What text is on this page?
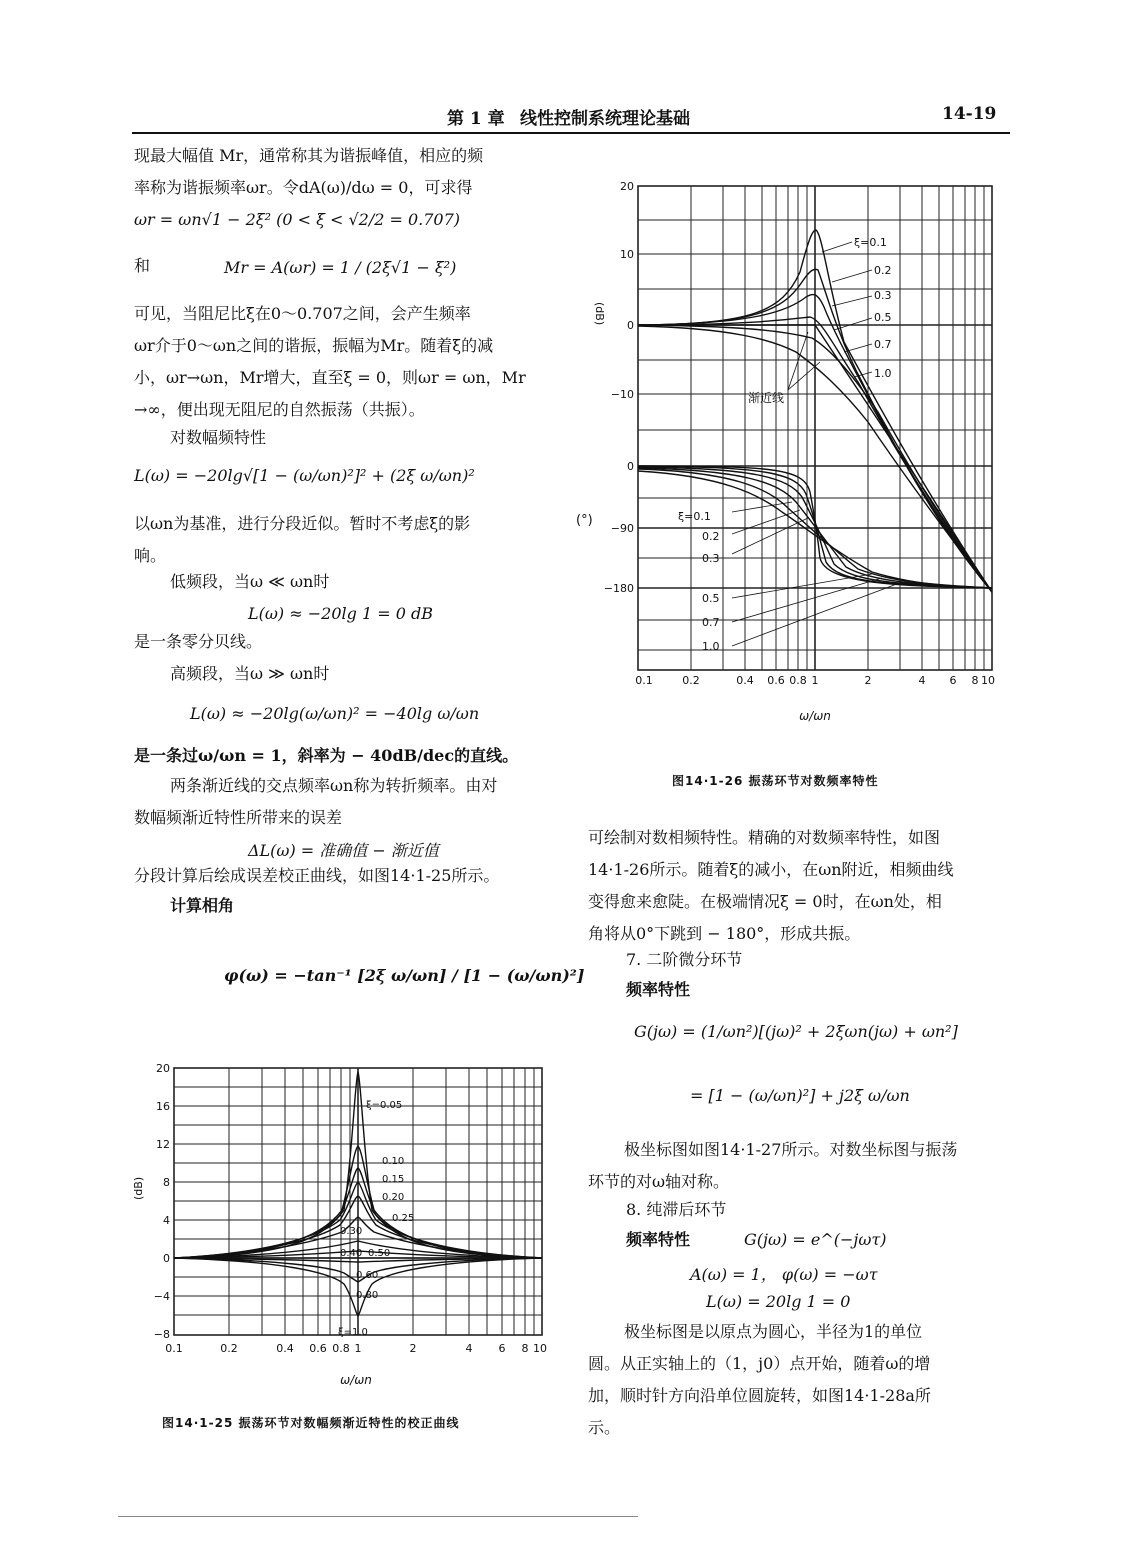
第 1 章 线性控制系统理论基础	14-19
现最大幅值 Mr，通常称其为谐振峰值，相应的频
率称为谐振频率ωr。令dA(ω)/dω = 0，可求得
ωr = ωn√1 − 2ξ² (0 < ξ < √2/2 = 0.707)
和	Mr = A(ωr) = 1 / (2ξ√1 − ξ²)
可见，当阻尼比ξ在0～0.707之间，会产生频率
ωr介于0～ωn之间的谐振，振幅为Mr。随着ξ的减
小，ωr→ωn，Mr增大，直至ξ = 0，则ωr = ωn，Mr
→∞，便出现无阻尼的自然振荡（共振）。
对数幅频特性
L(ω) = −20lg√[1 − (ω/ωn)²]² + (2ξ ω/ωn)²
以ωn为基准，进行分段近似。暂时不考虑ξ的影
响。
低频段，当ω ≪ ωn时
L(ω) ≈ −20lg 1 = 0 dB
是一条零分贝线。
高频段，当ω ≫ ωn时
L(ω) ≈ −20lg(ω/ωn)² = −40lg ω/ωn
是一条过ω/ωn = 1，斜率为 − 40dB/dec的直线。
两条渐近线的交点频率ωn称为转折频率。由对
数幅频渐近特性所带来的误差
ΔL(ω) = 准确值 − 渐近值
分段计算后绘成误差校正曲线，如图14·1-25所示。
计算相角
φ(ω) = −tan⁻¹ [2ξ ω/ωn] / [1 − (ω/ωn)²]
20
16
12
8
4
0
−4
−8
(dB)
0.1	0.2	0.4 0.6 0.8 1	2	4 6 8 10
ω/ωn
ξ=0.05
0.10
0.15
0.20
0.25
0.30
0.40 0.50
0.60
0.80
ξ=1.0
图14·1-25 振荡环节对数幅频渐近特性的校正曲线
20
10
0
−10
0
−90
−180
(dB)
(°)
0.1	0.2	0.4 0.6 0.8 1	2	4 6 8 10
ω/ωn
ξ=0.1
0.2
0.3
0.5
0.7
1.0
渐近线
ξ=0.1
0.2
0.3
0.5
0.7
1.0
图14·1-26 振荡环节对数频率特性
可绘制对数相频特性。精确的对数频率特性，如图
14·1-26所示。随着ξ的减小，在ωn附近，相频曲线
变得愈来愈陡。在极端情况ξ = 0时，在ωn处，相
角将从0°下跳到 − 180°，形成共振。
7. 二阶微分环节
频率特性
G(jω) = (1/ωn²)[(jω)² + 2ξωn(jω) + ωn²]
= [1 − (ω/ωn)²] + j2ξ ω/ωn
极坐标图如图14·1-27所示。对数坐标图与振荡
环节的对ω轴对称。
8. 纯滞后环节
频率特性	G(jω) = e^(−jωτ)
A(ω) = 1， φ(ω) = −ωτ
L(ω) = 20lg 1 = 0
极坐标图是以原点为圆心，半径为1的单位
圆。从正实轴上的（1，j0）点开始，随着ω的增
加，顺时针方向沿单位圆旋转，如图14·1-28a所
示。
